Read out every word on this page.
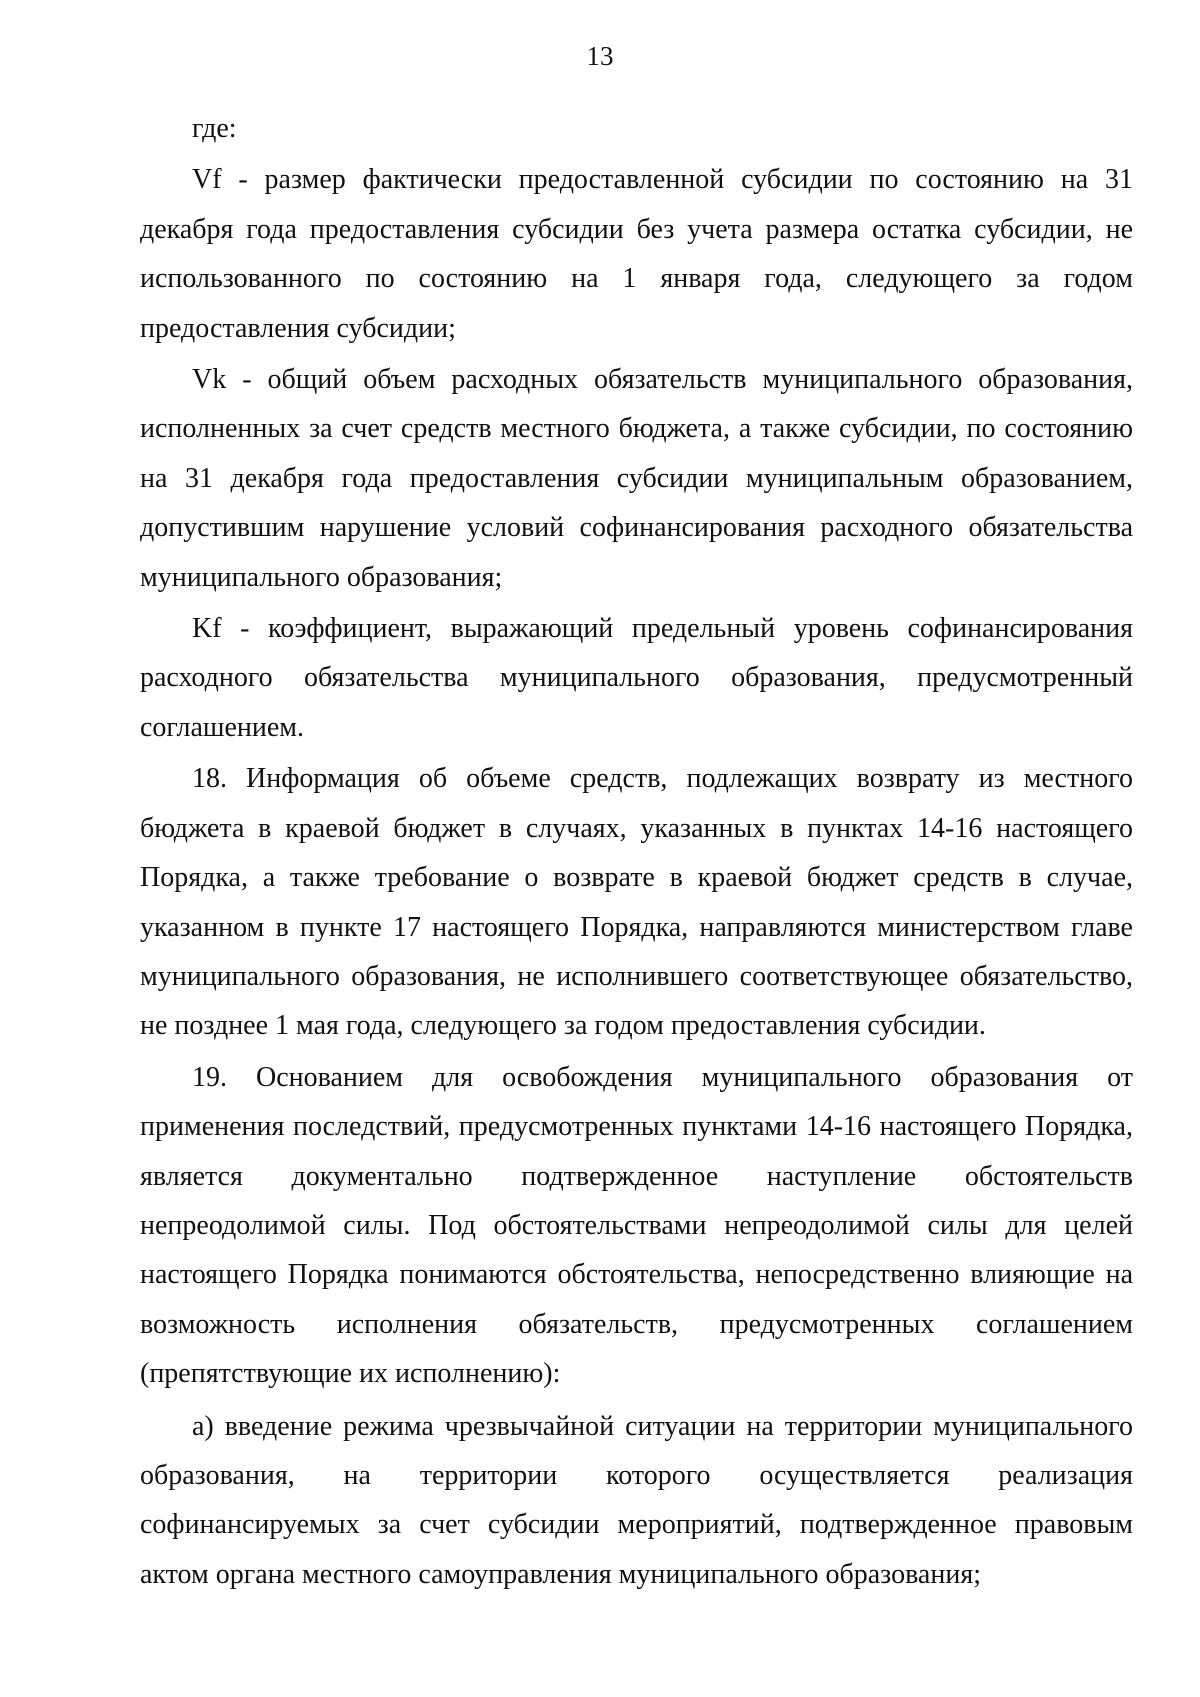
13

где:

Vf - размер фактически предоставленной субсидии по состоянию на 31 декабря года предоставления субсидии без учета размера остатка субсидии, не использованного по состоянию на 1 января года, следующего за годом предоставления субсидии;

Vk - общий объем расходных обязательств муниципального образования, исполненных за счет средств местного бюджета, а также субсидии, по состоянию на 31 декабря года предоставления субсидии муниципальным образованием, допустившим нарушение условий софинансирования расходного обязательства муниципального образования;

Kf - коэффициент, выражающий предельный уровень софинансирования расходного обязательства муниципального образования, предусмотренный соглашением.

18. Информация об объеме средств, подлежащих возврату из местного бюджета в краевой бюджет в случаях, указанных в пунктах 14-16 настоящего Порядка, а также требование о возврате в краевой бюджет средств в случае, указанном в пункте 17 настоящего Порядка, направляются министерством главе муниципального образования, не исполнившего соответствующее обязательство, не позднее 1 мая года, следующего за годом предоставления субсидии.

19. Основанием для освобождения муниципального образования от применения последствий, предусмотренных пунктами 14-16 настоящего Порядка, является документально подтвержденное наступление обстоятельств непреодолимой силы. Под обстоятельствами непреодолимой силы для целей настоящего Порядка понимаются обстоятельства, непосредственно влияющие на возможность исполнения обязательств, предусмотренных соглашением (препятствующие их исполнению):

а) введение режима чрезвычайной ситуации на территории муниципального образования, на территории которого осуществляется реализация софинансируемых за счет субсидии мероприятий, подтвержденное правовым актом органа местного самоуправления муниципального образования;
